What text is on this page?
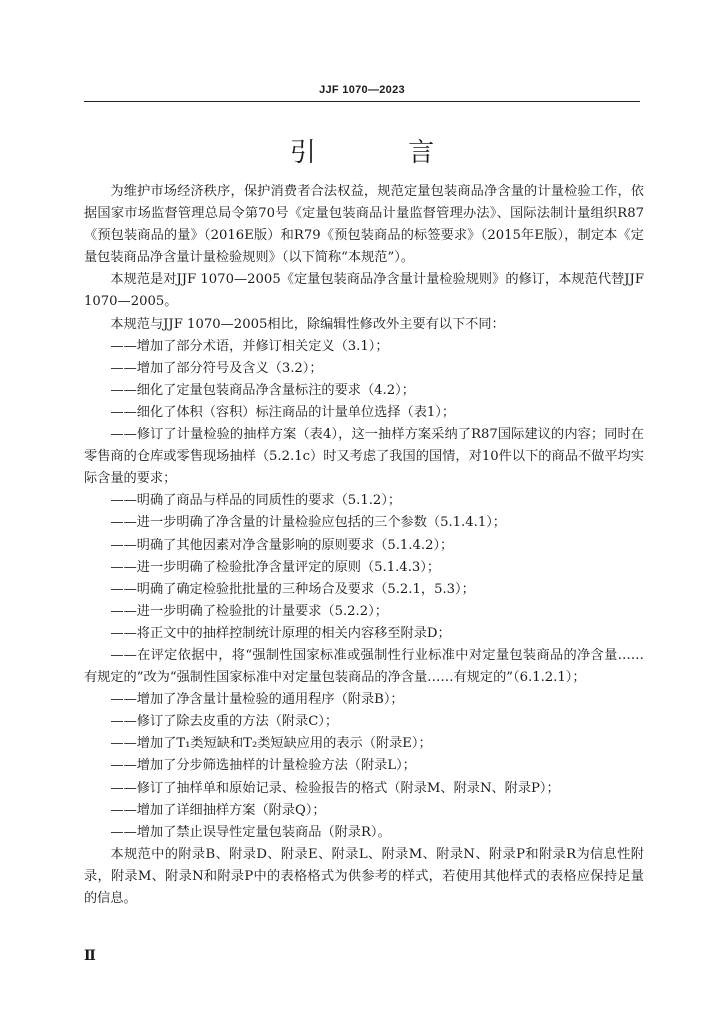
JJF 1070—2023
引 言

为维护市场经济秩序，保护消费者合法权益，规范定量包装商品净含量的计量检验工作，依据国家市场监督管理总局令第70号《定量包装商品计量监督管理办法》、国际法制计量组织R87《预包装商品的量》（2016E版）和R79《预包装商品的标签要求》（2015年E版），制定本《定量包装商品净含量计量检验规则》（以下简称“本规范”）。

本规范是对JJF 1070—2005《定量包装商品净含量计量检验规则》的修订，本规范代替JJF 1070—2005。

本规范与JJF 1070—2005相比，除编辑性修改外主要有以下不同：

——增加了部分术语，并修订相关定义（3.1）；

——增加了部分符号及含义（3.2）；

——细化了定量包装商品净含量标注的要求（4.2）；

——细化了体积（容积）标注商品的计量单位选择（表1）；

——修订了计量检验的抽样方案（表4），这一抽样方案采纳了R87国际建议的内容；同时在零售商的仓库或零售现场抽样（5.2.1c）时又考虑了我国的国情，对10件以下的商品不做平均实际含量的要求；

——明确了商品与样品的同质性的要求（5.1.2）；

——进一步明确了净含量的计量检验应包括的三个参数（5.1.4.1）；

——明确了其他因素对净含量影响的原则要求（5.1.4.2）；

——进一步明确了检验批净含量评定的原则（5.1.4.3）；

——明确了确定检验批批量的三种场合及要求（5.2.1，5.3）；

——进一步明确了检验批的计量要求（5.2.2）；

——将正文中的抽样控制统计原理的相关内容移至附录D；

——在评定依据中，将“强制性国家标准或强制性行业标准中对定量包装商品的净含量……有规定的”改为“强制性国家标准中对定量包装商品的净含量……有规定的”（6.1.2.1）；

——增加了净含量计量检验的通用程序（附录B）；

——修订了除去皮重的方法（附录C）；

——增加了T₁类短缺和T₂类短缺应用的表示（附录E）；

——增加了分步筛选抽样的计量检验方法（附录L）；

——修订了抽样单和原始记录、检验报告的格式（附录M、附录N、附录P）；

——增加了详细抽样方案（附录Q）；

——增加了禁止误导性定量包装商品（附录R）。

本规范中的附录B、附录D、附录E、附录L、附录M、附录N、附录P和附录R为信息性附录，附录M、附录N和附录P中的表格格式为供参考的样式，若使用其他样式的表格应保持足量的信息。

Ⅱ
